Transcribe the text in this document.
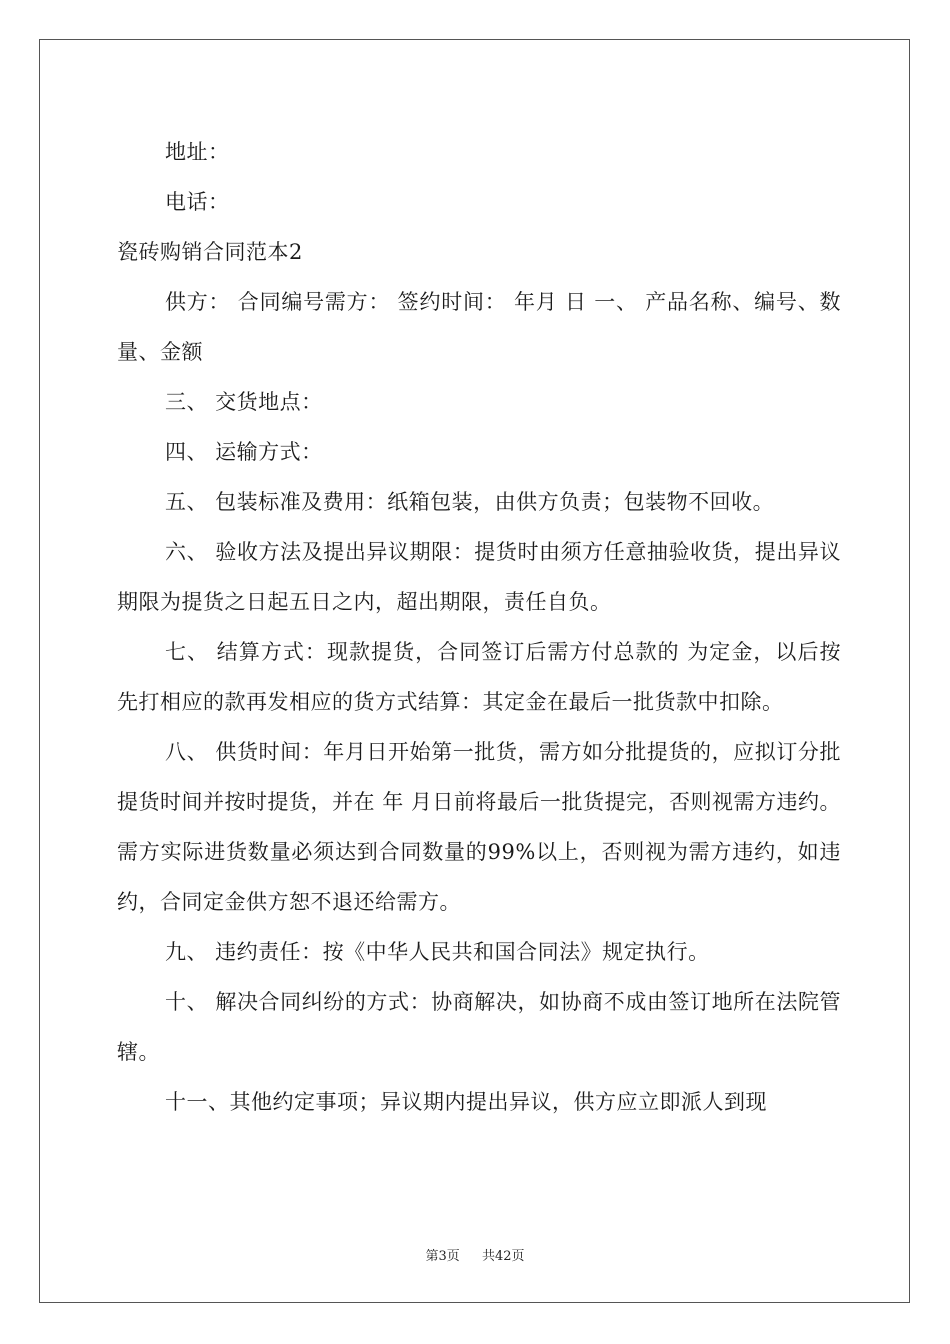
地址：

电话：

瓷砖购销合同范本2

供方： 合同编号需方： 签约时间： 年月 日 一、 产品名称、编号、数量、金额

三、 交货地点：

四、 运输方式：

五、 包装标准及费用：纸箱包装，由供方负责；包装物不回收。

六、 验收方法及提出异议期限：提货时由须方任意抽验收货，提出异议期限为提货之日起五日之内，超出期限，责任自负。

七、 结算方式：现款提货，合同签订后需方付总款的 为定金，以后按先打相应的款再发相应的货方式结算：其定金在最后一批货款中扣除。

八、 供货时间：年月日开始第一批货，需方如分批提货的，应拟订分批提货时间并按时提货，并在 年 月日前将最后一批货提完，否则视需方违约。需方实际进货数量必须达到合同数量的99%以上，否则视为需方违约，如违约，合同定金供方恕不退还给需方。

九、 违约责任：按《中华人民共和国合同法》规定执行。

十、 解决合同纠纷的方式：协商解决，如协商不成由签订地所在法院管辖。

十一、其他约定事项；异议期内提出异议，供方应立即派人到现

第3页 共42页
